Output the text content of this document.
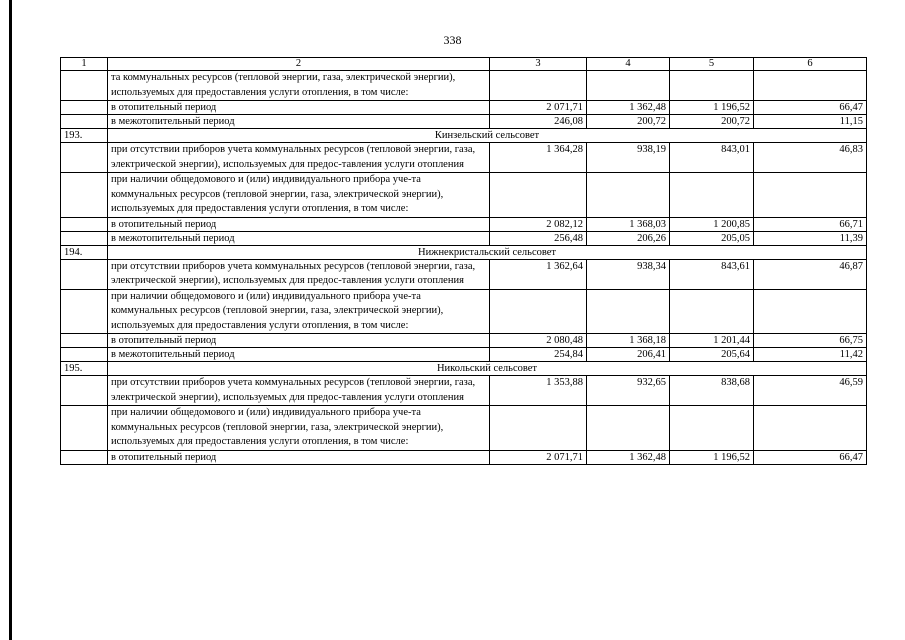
338
1	2	3	4	5	6
	та коммунальных ресурсов (тепловой энергии, газа, электрической энергии), используемых для предоставления услуги отопления, в том числе:				
	в отопительный период	2 071,71	1 362,48	1 196,52	66,47
	в межотопительный период	246,08	200,72	200,72	11,15
193.	Кинзельский сельсовет				
	при отсутствии приборов учета коммунальных ресурсов (тепловой энергии, газа, электрической энергии), используемых для предос-тавления услуги отопления	1 364,28	938,19	843,01	46,83
	при наличии общедомового и (или) индивидуального прибора уче-та коммунальных ресурсов (тепловой энергии, газа, электрической энергии), используемых для предоставления услуги отопления, в том числе:				
	в отопительный период	2 082,12	1 368,03	1 200,85	66,71
	в межотопительный период	256,48	206,26	205,05	11,39
194.	Нижнекристальский сельсовет				
	при отсутствии приборов учета коммунальных ресурсов (тепловой энергии, газа, электрической энергии), используемых для предос-тавления услуги отопления	1 362,64	938,34	843,61	46,87
	при наличии общедомового и (или) индивидуального прибора уче-та коммунальных ресурсов (тепловой энергии, газа, электрической энергии), используемых для предоставления услуги отопления, в том числе:				
	в отопительный период	2 080,48	1 368,18	1 201,44	66,75
	в межотопительный период	254,84	206,41	205,64	11,42
195.	Никольский сельсовет				
	при отсутствии приборов учета коммунальных ресурсов (тепловой энергии, газа, электрической энергии), используемых для предос-тавления услуги отопления	1 353,88	932,65	838,68	46,59
	при наличии общедомового и (или) индивидуального прибора уче-та коммунальных ресурсов (тепловой энергии, газа, электрической энергии), используемых для предоставления услуги отопления, в том числе:				
	в отопительный период	2 071,71	1 362,48	1 196,52	66,47
